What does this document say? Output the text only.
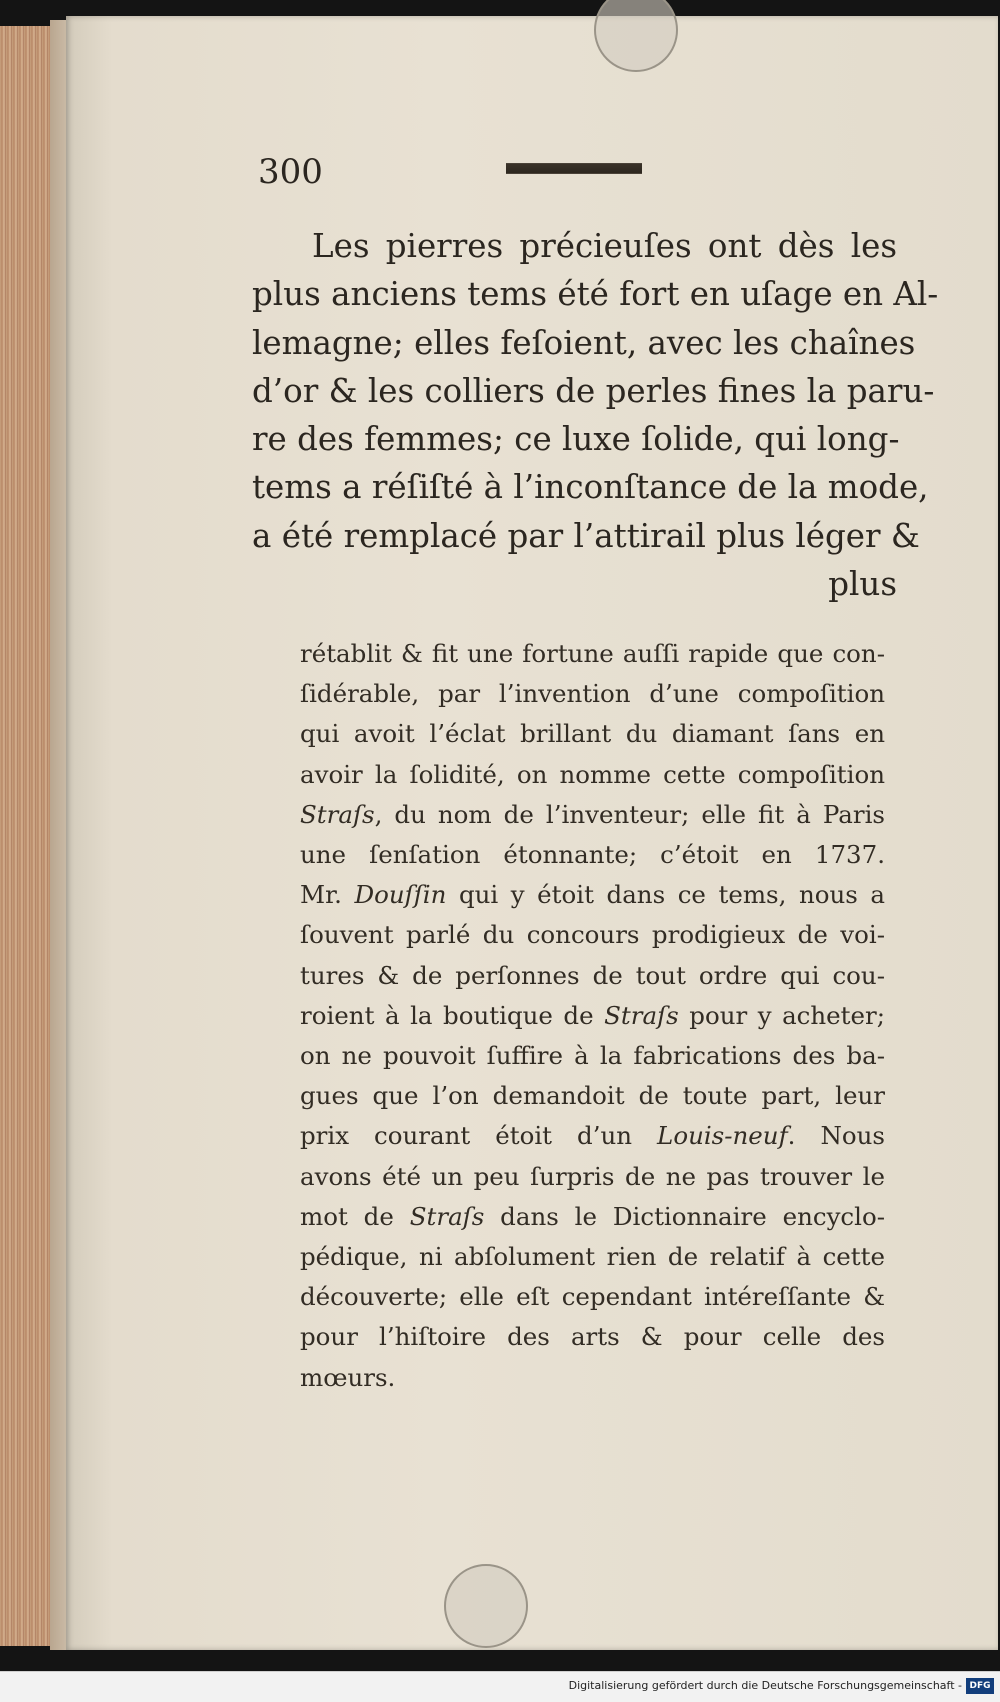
300

Les pierres précieuſes ont dès les
plus anciens tems été fort en uſage en Al-
lemagne; elles feſoient, avec les chaînes
d’or & les colliers de perles fines la paru-
re des femmes; ce luxe ſolide, qui long-
tems a réſiſté à l’inconſtance de la mode,
a été remplacé par l’attirail plus léger &
plus

rétablit & fit une fortune auſſi rapide que con-
ſidérable, par l’invention d’une compoſition
qui avoit l’éclat brillant du diamant ſans en
avoir la ſolidité, on nomme cette compoſition
Straſs, du nom de l’inventeur; elle fit à Paris
une ſenſation étonnante; c’étoit en 1737.
Mr. Douſſin qui y étoit dans ce tems, nous a
ſouvent parlé du concours prodigieux de voi-
tures & de perſonnes de tout ordre qui cou-
roient à la boutique de Straſs pour y acheter;
on ne pouvoit ſuffire à la fabrications des ba-
gues que l’on demandoit de toute part, leur
prix courant étoit d’un Louis-neuf. Nous
avons été un peu ſurpris de ne pas trouver le
mot de Straſs dans le Dictionnaire encyclo-
pédique, ni abſolument rien de relatif à cette
découverte; elle eſt cependant intéreſſante &
pour l’hiſtoire des arts & pour celle des
mœurs.

Digitalisierung gefördert durch die Deutsche Forschungsgemeinschaft - DFG
